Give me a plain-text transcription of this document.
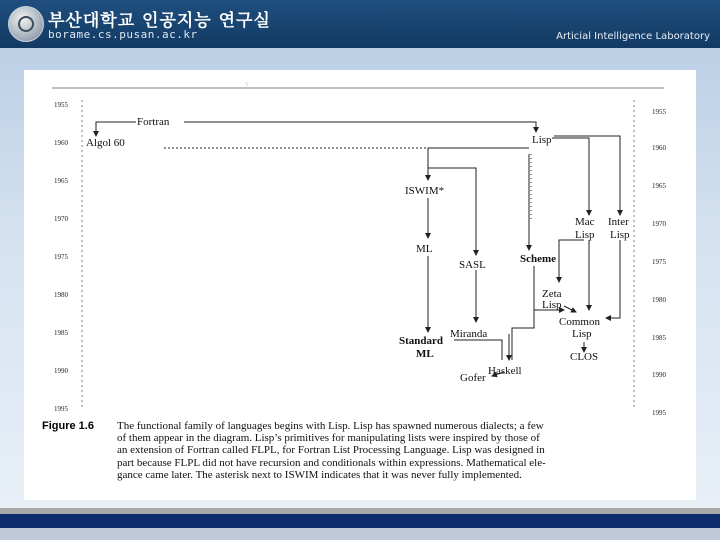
부산대학교 인공지능 연구실
borame.cs.pusan.ac.kr	Articial Intelligence Laboratory
\
1955
1960
1965
1970
1975
1980
1985
1990
1995
1955
1960
1965
1970
1975
1980
1985
1990
1995
Fortran
Algol 60	Lisp
ISWIM*
ML
SASL	Scheme
Mac
Lisp
Inter
Lisp
Zeta
Lisp
Common
Lisp
Miranda
Standard
ML	CLOS
Haskell
Gofer
Figure 1.6 The functional family of languages begins with Lisp. Lisp has spawned numerous dialects; a few
of them appear in the diagram. Lisp’s primitives for manipulating lists were inspired by those of
an extension of Fortran called FLPL, for Fortran List Processing Language. Lisp was designed in
part because FLPL did not have recursion and conditionals within expressions. Mathematical ele-
gance came later. The asterisk next to ISWIM indicates that it was never fully implemented.
